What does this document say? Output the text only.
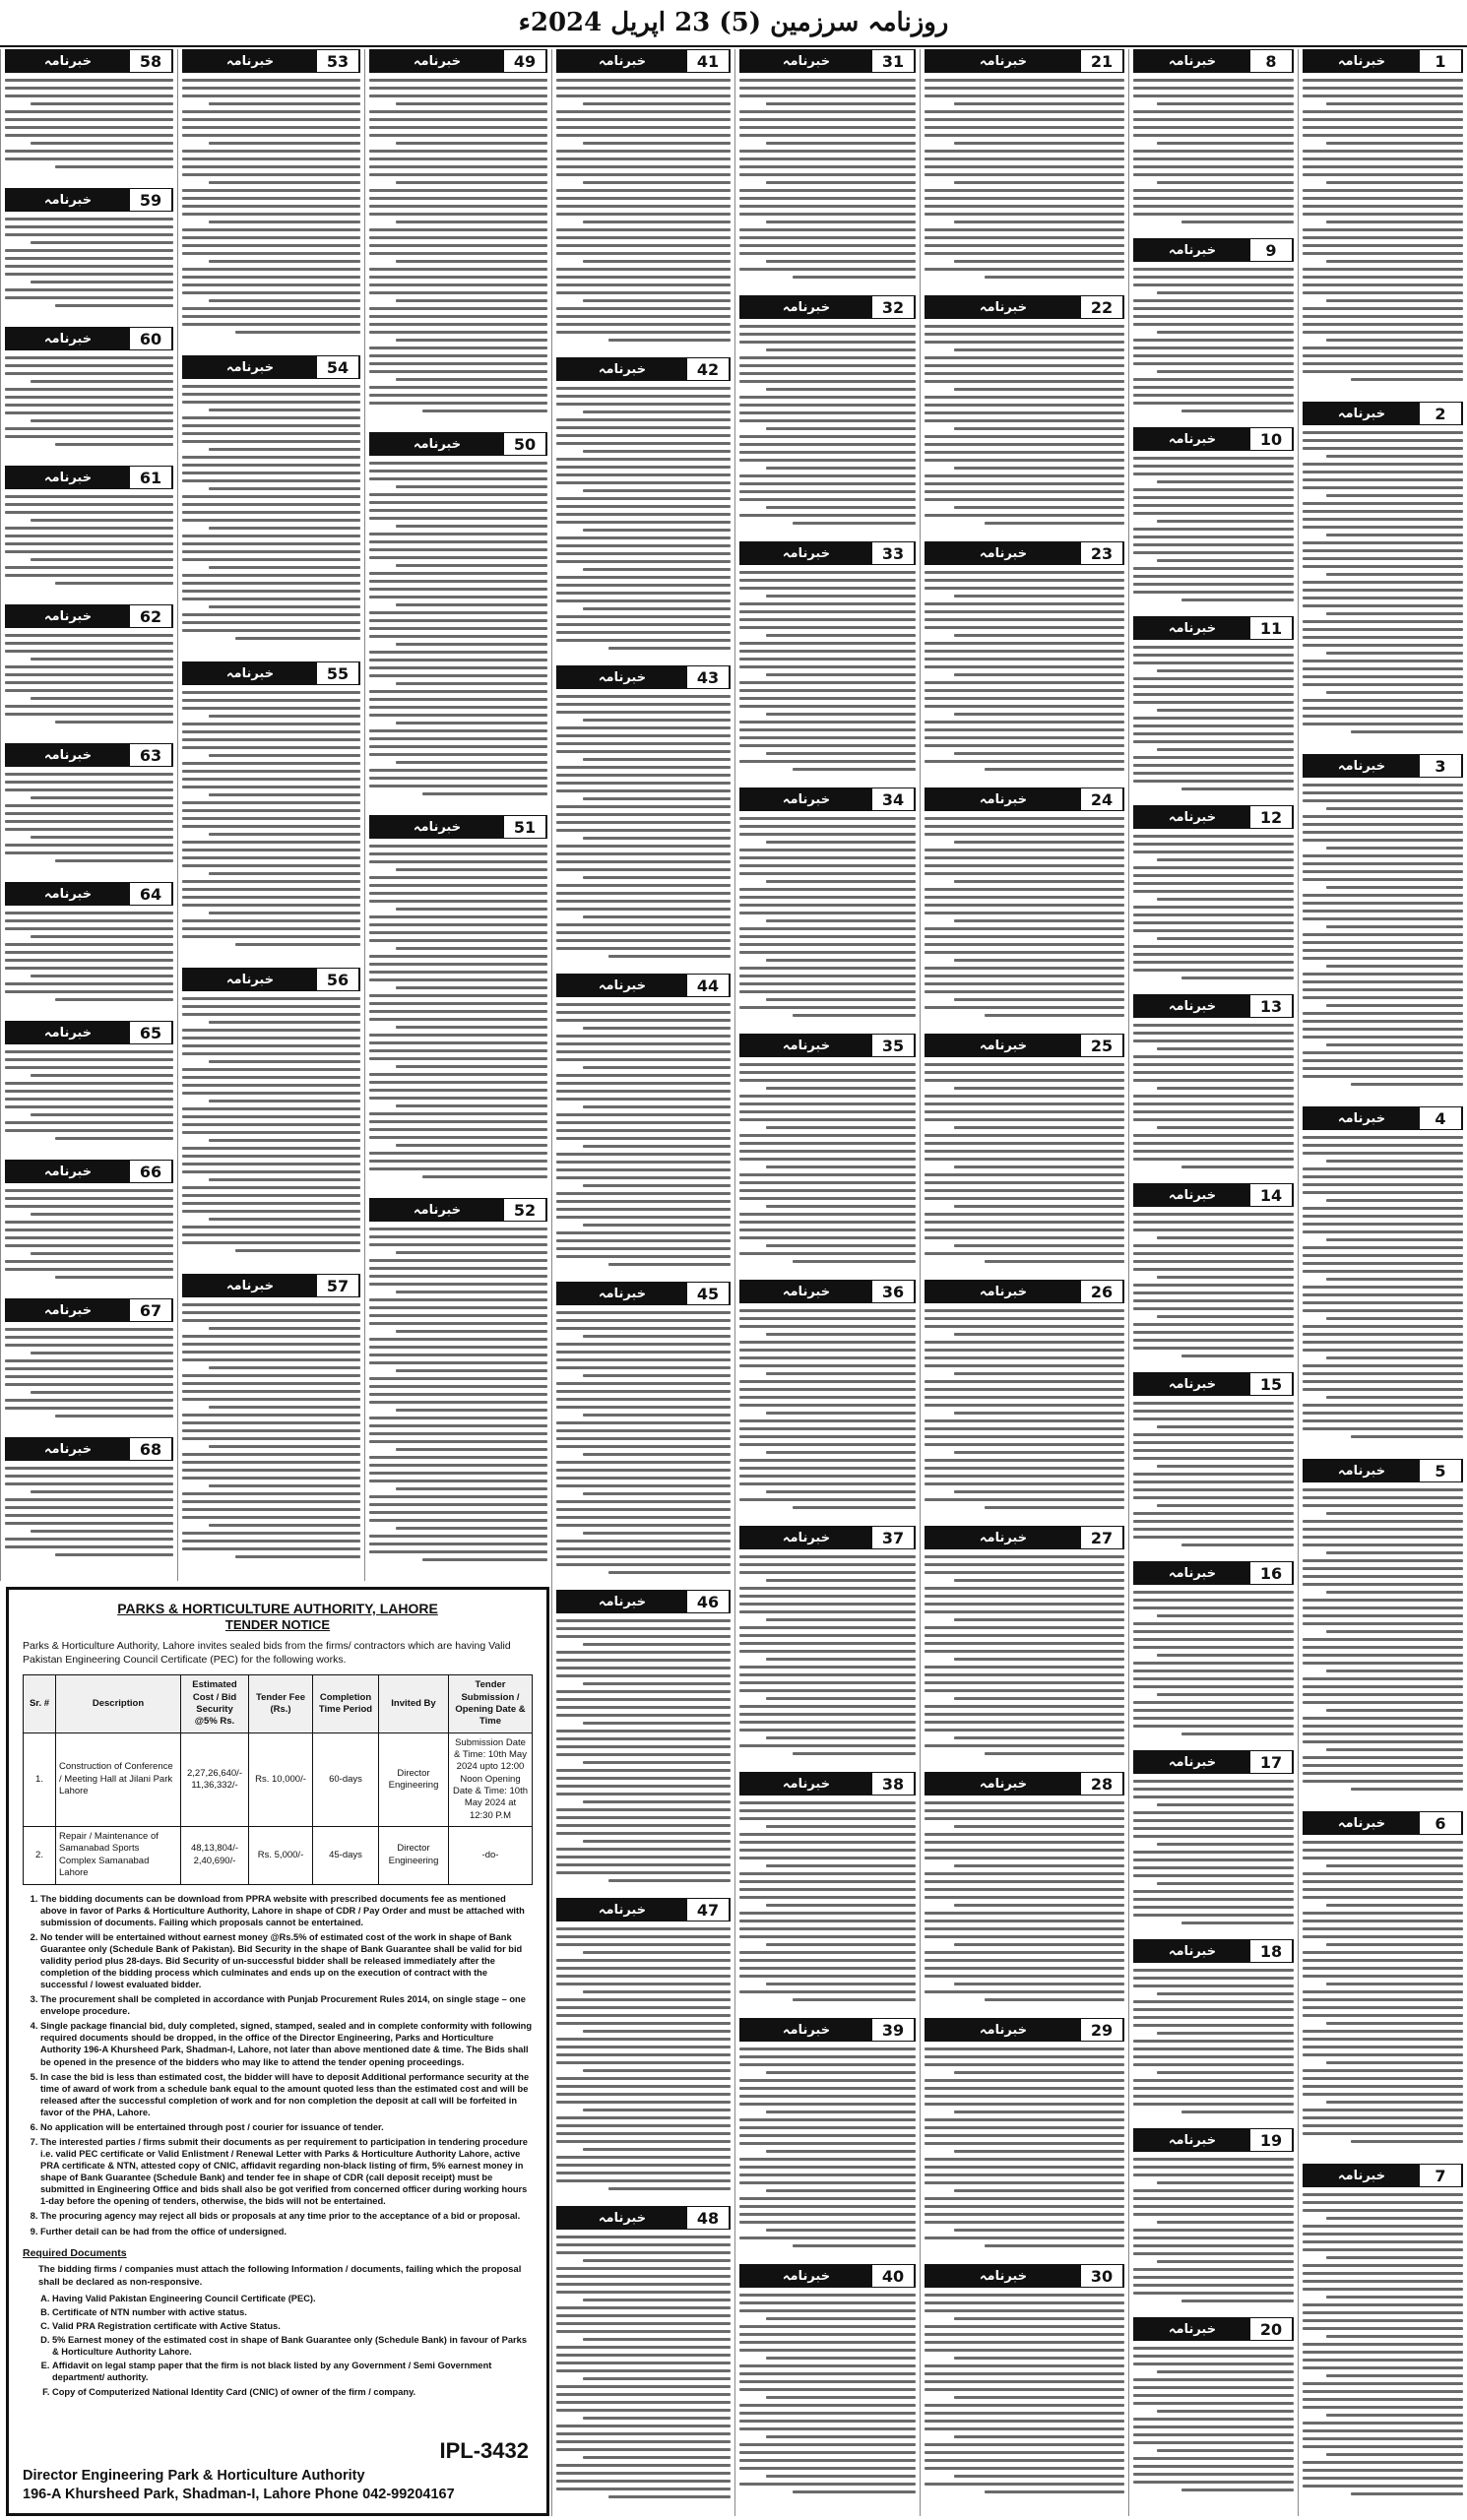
روزنامہ سرزمین (5) 23 اپریل 2024ء
خبرنامہ	1
خبرنامہ	2
خبرنامہ	3
خبرنامہ	4
خبرنامہ	5
خبرنامہ	6
خبرنامہ	7
خبرنامہ	8
خبرنامہ	9
خبرنامہ	10
خبرنامہ	11
خبرنامہ	12
خبرنامہ	13
خبرنامہ	14
خبرنامہ	15
خبرنامہ	16
خبرنامہ	17
خبرنامہ	18
خبرنامہ	19
خبرنامہ	20
خبرنامہ	21
خبرنامہ	22
خبرنامہ	23
خبرنامہ	24
خبرنامہ	25
خبرنامہ	26
خبرنامہ	27
خبرنامہ	28
خبرنامہ	29
خبرنامہ	30
خبرنامہ	31
خبرنامہ	32
خبرنامہ	33
خبرنامہ	34
خبرنامہ	35
خبرنامہ	36
خبرنامہ	37
خبرنامہ	38
خبرنامہ	39
خبرنامہ	40
خبرنامہ	41
خبرنامہ	42
خبرنامہ	43
خبرنامہ	44
خبرنامہ	45
خبرنامہ	46
خبرنامہ	47
خبرنامہ	48
خبرنامہ	49
خبرنامہ	50
خبرنامہ	51
خبرنامہ	52
خبرنامہ	53
خبرنامہ	54
خبرنامہ	55
خبرنامہ	56
خبرنامہ	57
خبرنامہ	58
خبرنامہ	59
خبرنامہ	60
خبرنامہ	61
خبرنامہ	62
خبرنامہ	63
خبرنامہ	64
خبرنامہ	65
خبرنامہ	66
خبرنامہ	67
خبرنامہ	68
PARKS & HORTICULTURE AUTHORITY, LAHORE
TENDER NOTICE
Parks & Horticulture Authority, Lahore invites sealed bids from the firms/ contractors which are having Valid Pakistan Engineering Council Certificate (PEC) for the following works.
Sr. #	Description	Estimated Cost / Bid Security @5% Rs.	Tender Fee (Rs.)	Completion Time Period	Invited By	Tender Submission / Opening Date & Time
1.	Construction of Conference / Meeting Hall at Jilani Park Lahore	2,27,26,640/- 11,36,332/-	Rs. 10,000/-	60-days	Director Engineering	Submission Date & Time: 10th May 2024 upto 12:00 Noon Opening Date & Time: 10th May 2024 at 12:30 P.M
2.	Repair / Maintenance of Samanabad Sports Complex Samanabad Lahore	48,13,804/- 2,40,690/-	Rs. 5,000/-	45-days	Director Engineering	-do-
1. The bidding documents can be download from PPRA website with prescribed documents fee as mentioned above in favor of Parks & Horticulture Authority, Lahore in shape of CDR / Pay Order and must be attached with submission of documents. Failing which proposals cannot be entertained.
2. No tender will be entertained without earnest money @Rs.5% of estimated cost of the work in shape of Bank Guarantee only (Schedule Bank of Pakistan). Bid Security in the shape of Bank Guarantee shall be valid for bid validity period plus 28-days. Bid Security of un-successful bidder shall be released immediately after the completion of the bidding process which culminates and ends up on the execution of contract with the successful / lowest evaluated bidder.
3. The procurement shall be completed in accordance with Punjab Procurement Rules 2014, on single stage – one envelope procedure.
4. Single package financial bid, duly completed, signed, stamped, sealed and in complete conformity with following required documents should be dropped, in the office of the Director Engineering, Parks and Horticulture Authority 196-A Khursheed Park, Shadman-I, Lahore, not later than above mentioned date & time. The Bids shall be opened in the presence of the bidders who may like to attend the tender opening proceedings.
5. In case the bid is less than estimated cost, the bidder will have to deposit Additional performance security at the time of award of work from a schedule bank equal to the amount quoted less than the estimated cost and will be released after the successful completion of work and for non completion the deposit at call will be forfeited in favor of the PHA, Lahore.
6. No application will be entertained through post / courier for issuance of tender.
7. The interested parties / firms submit their documents as per requirement to participation in tendering procedure i.e. valid PEC certificate or Valid Enlistment / Renewal Letter with Parks & Horticulture Authority Lahore, active PRA certificate & NTN, attested copy of CNIC, affidavit regarding non-black listing of firm, 5% earnest money in shape of Bank Guarantee (Schedule Bank) and tender fee in shape of CDR (call deposit receipt) must be submitted in Engineering Office and bids shall also be got verified from concerned officer during working hours 1-day before the opening of tenders, otherwise, the bids will not be entertained.
8. The procuring agency may reject all bids or proposals at any time prior to the acceptance of a bid or proposal.
9. Further detail can be had from the office of undersigned.
Required Documents
The bidding firms / companies must attach the following Information / documents, failing which the proposal shall be declared as non-responsive.
A. Having Valid Pakistan Engineering Council Certificate (PEC).
B. Certificate of NTN number with active status.
C. Valid PRA Registration certificate with Active Status.
D. 5% Earnest money of the estimated cost in shape of Bank Guarantee only (Schedule Bank) in favour of Parks & Horticulture Authority Lahore.
E. Affidavit on legal stamp paper that the firm is not black listed by any Government / Semi Government department/ authority.
F. Copy of Computerized National Identity Card (CNIC) of owner of the firm / company.
IPL-3432
Director Engineering Park & Horticulture Authority
196-A Khursheed Park, Shadman-I, Lahore Phone 042-99204167
